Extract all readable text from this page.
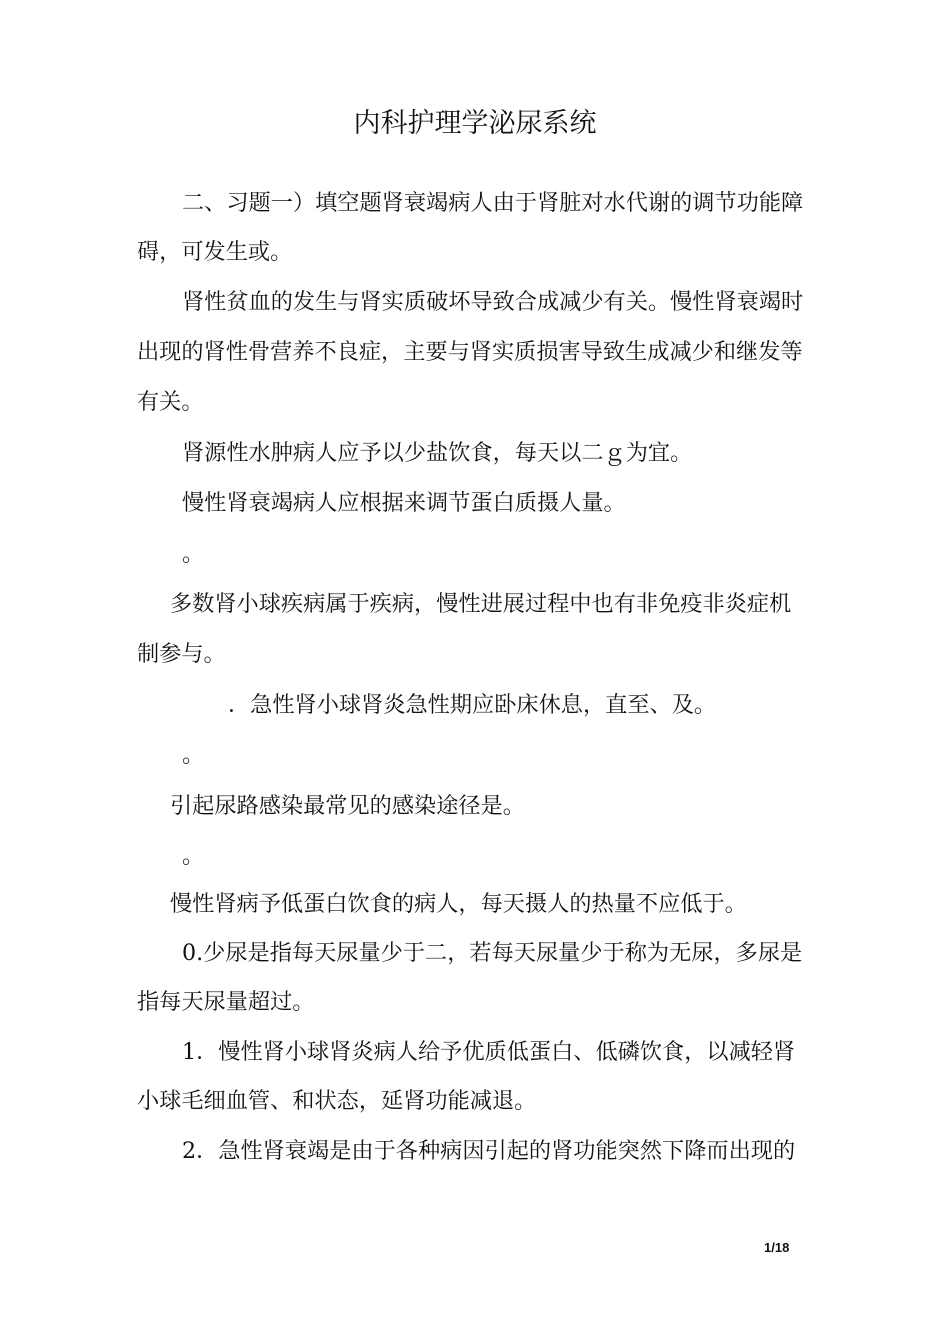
内科护理学泌尿系统
二、习题一）填空题肾衰竭病人由于肾脏对水代谢的调节功能障
碍，可发生或。
肾性贫血的发生与肾实质破坏导致合成减少有关。慢性肾衰竭时
出现的肾性骨营养不良症，主要与肾实质损害导致生成减少和继发等
有关。
肾源性水肿病人应予以少盐饮食，每天以二ｇ为宜。
慢性肾衰竭病人应根据来调节蛋白质摄人量。
。
多数肾小球疾病属于疾病，慢性进展过程中也有非免疫非炎症机
制参与。
．急性肾小球肾炎急性期应卧床休息，直至、及。
。
引起尿路感染最常见的感染途径是。
。
慢性肾病予低蛋白饮食的病人，每天摄人的热量不应低于。
0.少尿是指每天尿量少于二，若每天尿量少于称为无尿，多尿是
指每天尿量超过。
1．慢性肾小球肾炎病人给予优质低蛋白、低磷饮食，以减轻肾
小球毛细血管、和状态，延肾功能减退。
2．急性肾衰竭是由于各种病因引起的肾功能突然下降而出现的
1/18
